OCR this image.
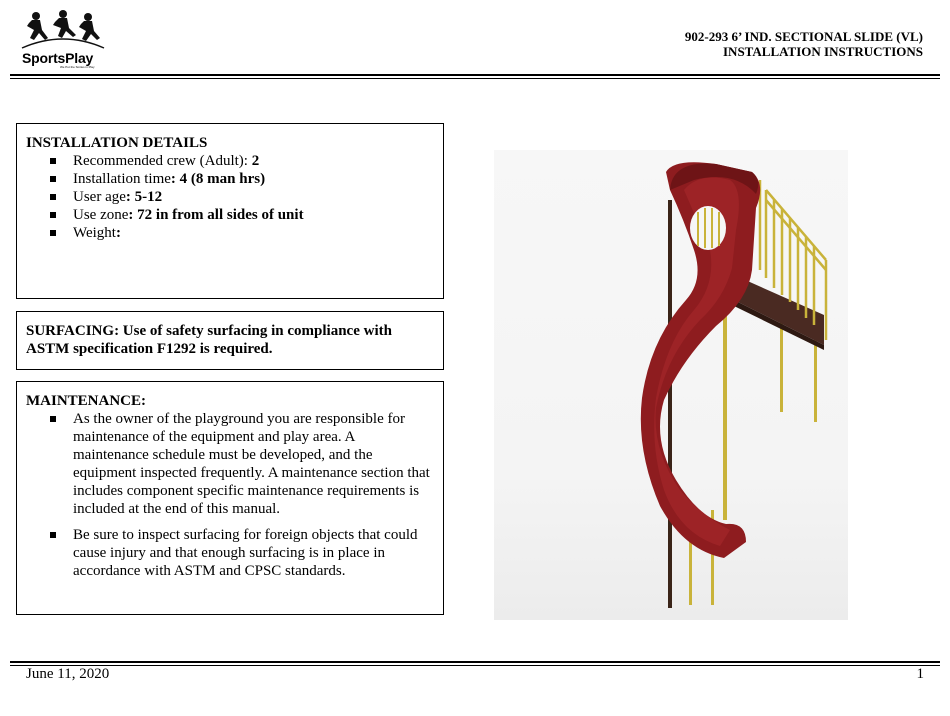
SportsPlay
We Put the Smiles in Play
902-293 6’ IND. SECTIONAL SLIDE (VL)
INSTALLATION INSTRUCTIONS
INSTALLATION DETAILS
Recommended crew (Adult): 2
Installation time: 4 (8 man hrs)
User age: 5-12
Use zone: 72 in from all sides of unit
Weight:
SURFACING: Use of safety surfacing in compliance with ASTM specification F1292 is required.
MAINTENANCE:
As the owner of the playground you are responsible for maintenance of the equipment and play area. A maintenance schedule must be developed, and the equipment inspected frequently. A maintenance section that includes component specific maintenance requirements is included at the end of this manual.
Be sure to inspect surfacing for foreign objects that could cause injury and that enough surfacing is in place in accordance with ASTM and CPSC standards.
June 11, 2020	1
